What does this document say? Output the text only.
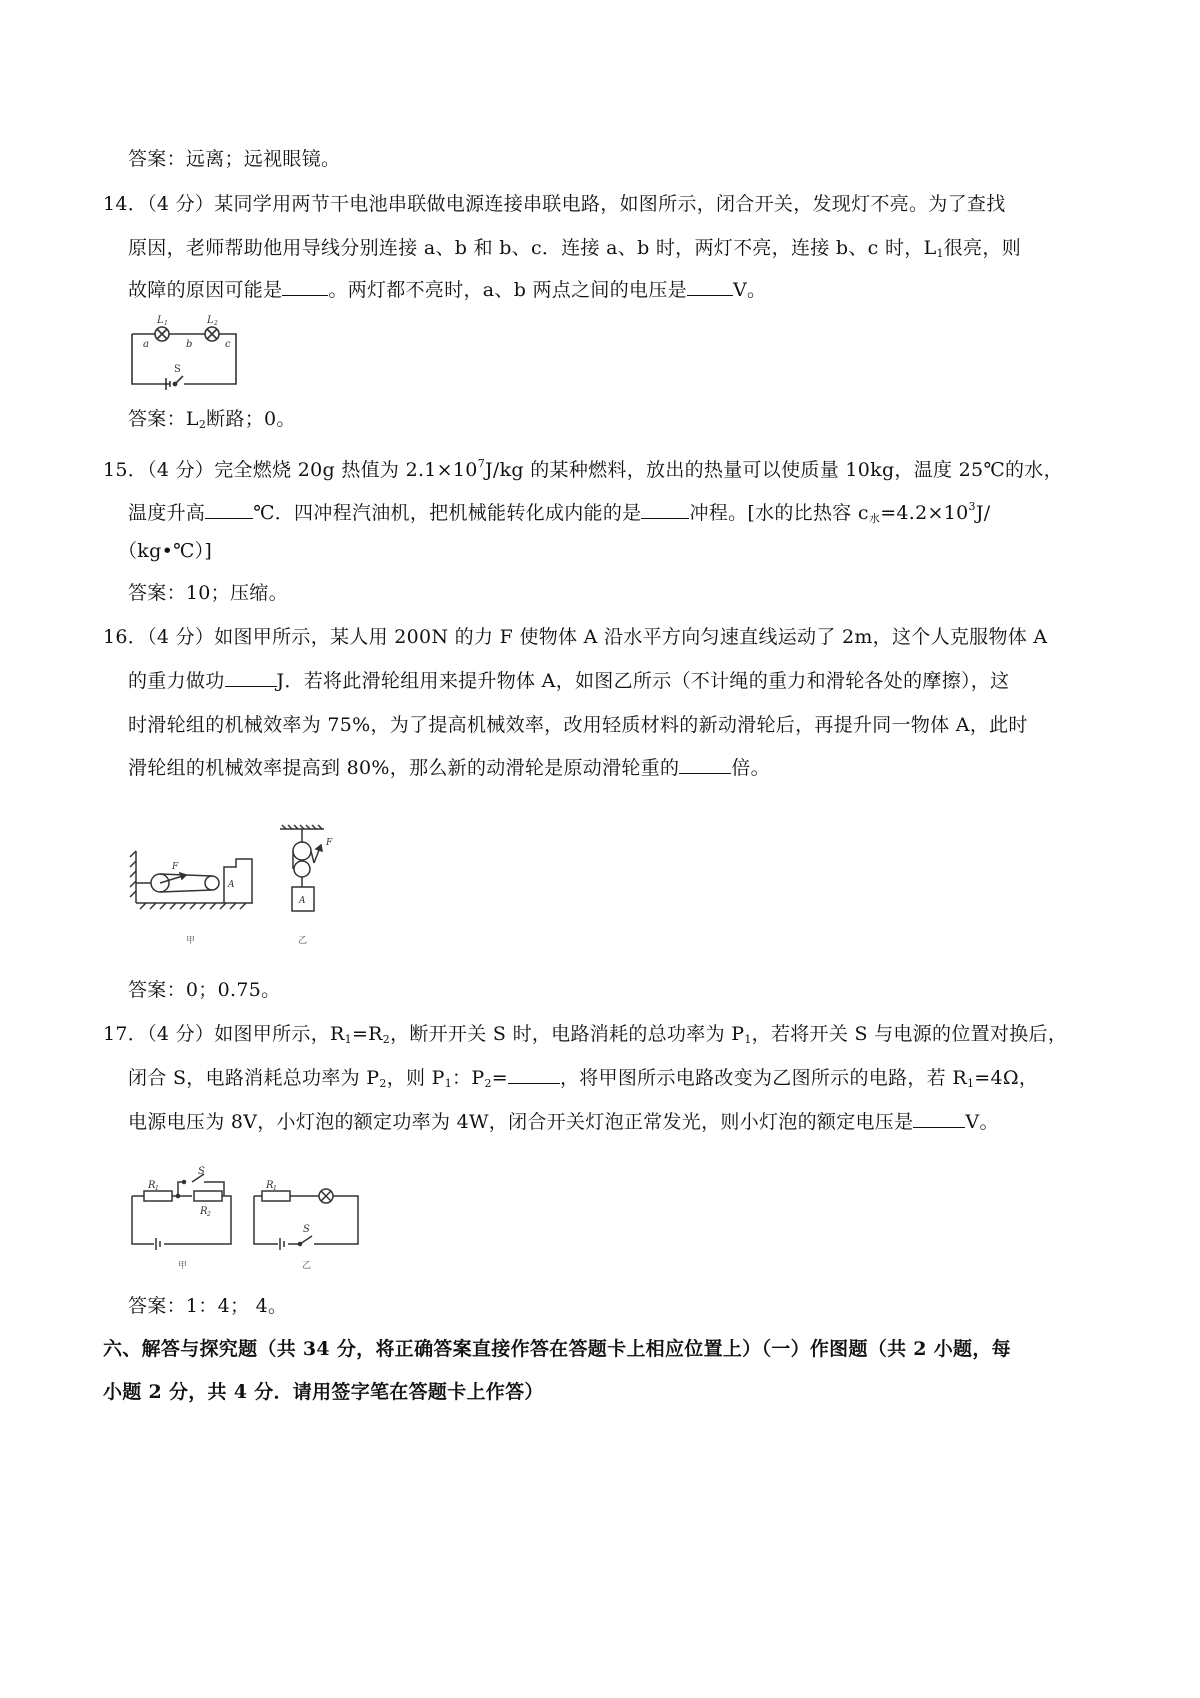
答案：远离；远视眼镜。
14．（4 分）某同学用两节干电池串联做电源连接串联电路，如图所示，闭合开关，发现灯不亮。为了查找
原因，老师帮助他用导线分别连接 a、b 和 b、c．连接 a、b 时，两灯不亮，连接 b、c 时，$L_1$很亮，则
故障的原因可能是 。两灯都不亮时，a、b 两点之间的电压是 V。
L 1	L 2
a	b	c
S
答案：$L_2$断路；0。
15．（4 分）完全燃烧 20g 热值为 $2.1\times 10^7J/kg$ 的某种燃料，放出的热量可以使质量 10kg，温度 25℃的水，
温度升高	℃．四冲程汽油机，把机械能转化成内能的是	冲程。[水的比热容 $c_水=4.2\times 10^3J/$
（kg•℃）]
答案：10；压缩。
16．（4 分）如图甲所示，某人用 200N 的力 F 使物体 A 沿水平方向匀速直线运动了 2m，这个人克服物体 A
的重力做功	J．若将此滑轮组用来提升物体 A，如图乙所示（不计绳的重力和滑轮各处的摩擦），这
时滑轮组的机械效率为 75%，为了提高机械效率，改用轻质材料的新动滑轮后，再提升同一物体 A，此时
滑轮组的机械效率提高到 80%，那么新的动滑轮是原动滑轮重的	倍。
F
A
F
A
甲	乙
答案：0；0.75。
17．（4 分）如图甲所示，$R_1=R_2$，断开开关 S 时，电路消耗的总功率为 $P_1$，若将开关 S 与电源的位置对换后，
闭合 S，电路消耗总功率为 $P_2$，则 $P_1$：$P_2=$	，将甲图所示电路改变为乙图所示的电路，若 $R_1=4\Omega$，
电源电压为 8V，小灯泡的额定功率为 4W，闭合开关灯泡正常发光，则小灯泡的额定电压是	V。
S
R 1
R 2
R 1
S
甲	乙
答案：1：4； 4。
六、解答与探究题（共 34 分，将正确答案直接作答在答题卡上相应位置上）（一）作图题（共 2 小题，每
小题 2 分，共 4 分．请用签字笔在答题卡上作答）
